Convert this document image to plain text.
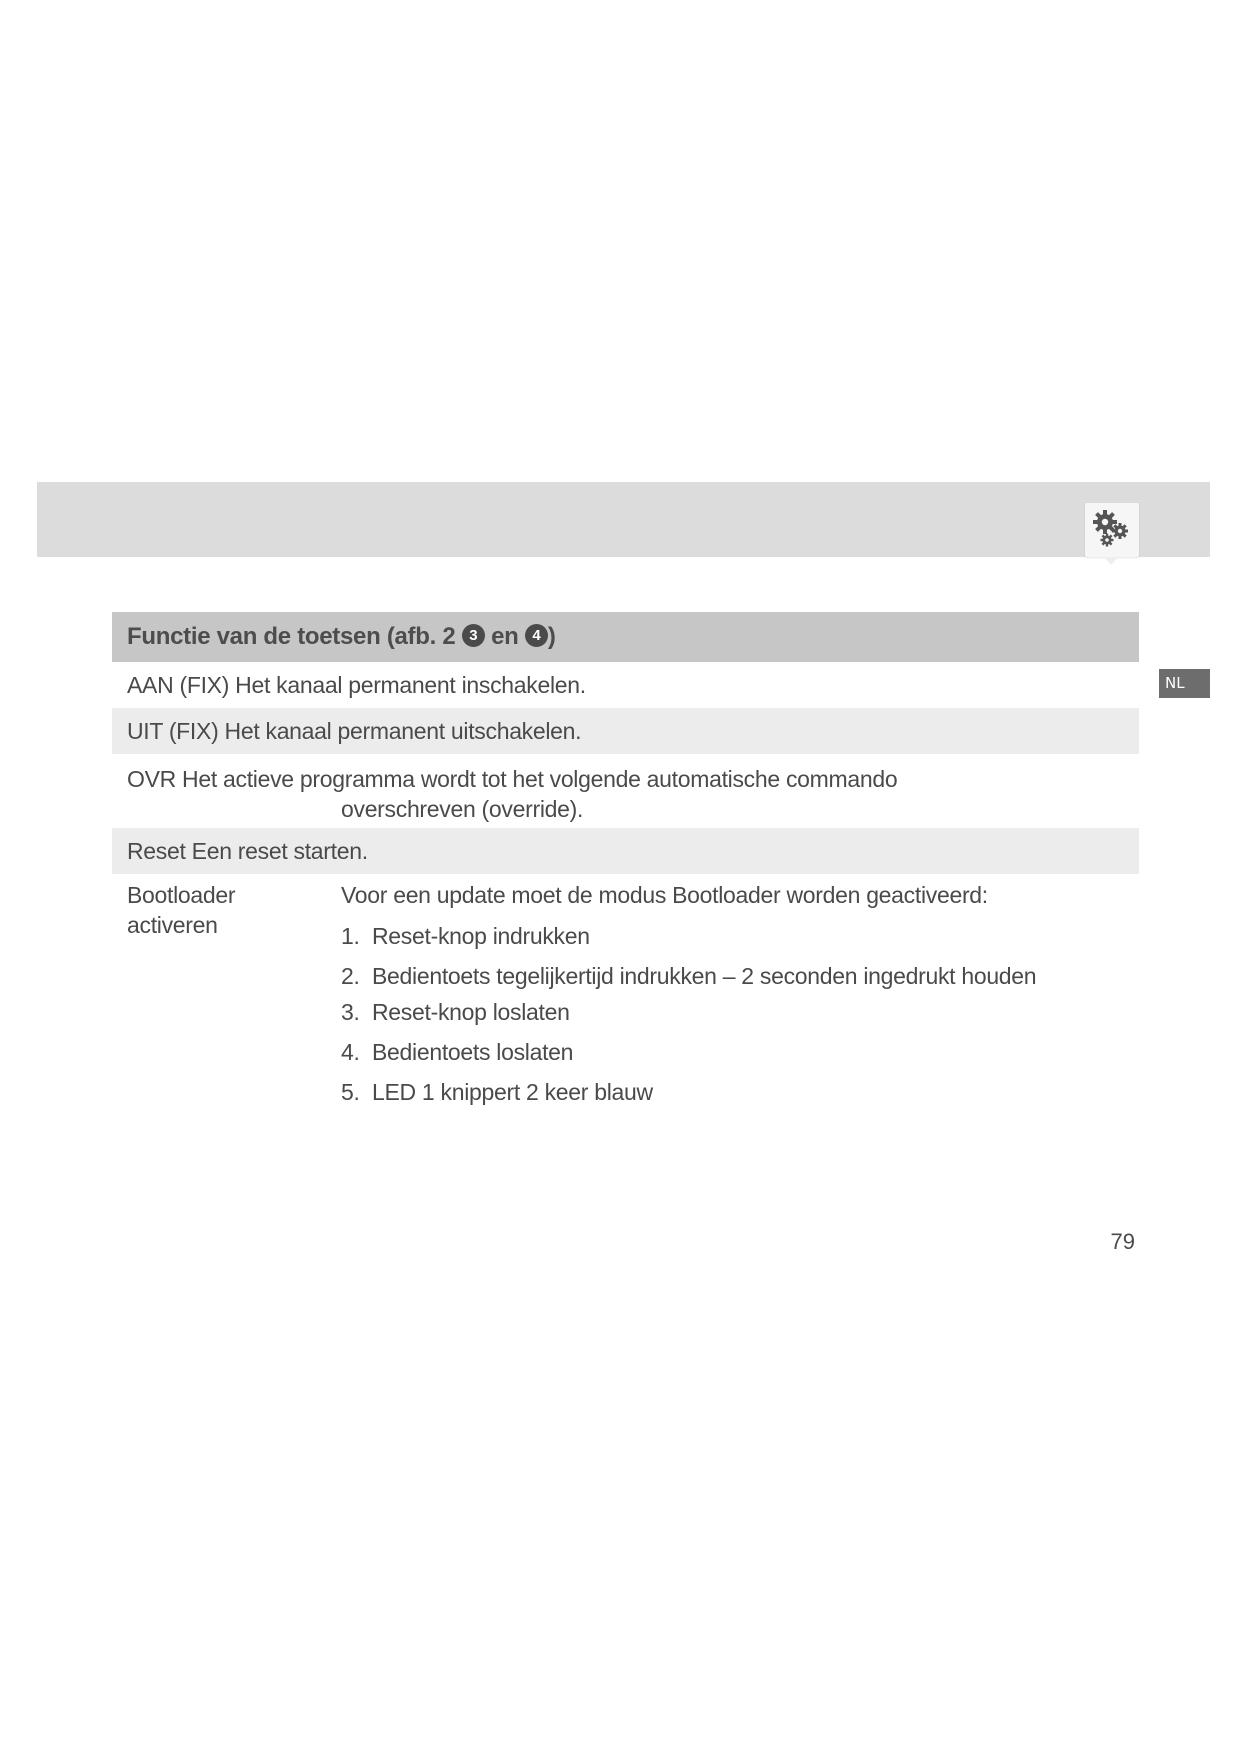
NL
Functie van de toetsen (afb. 2 3 en 4 )
AAN (FIX) Het kanaal permanent inschakelen.
UIT (FIX) Het kanaal permanent uitschakelen.
OVR Het actieve programma wordt tot het volgende automatische commando
overschreven (override).
Reset Een reset starten.
Bootloader
activeren
Voor een update moet de modus Bootloader worden geactiveerd:
1. Reset-knop indrukken
2. Bedientoets tegelijkertijd indrukken – 2 seconden ingedrukt houden
3. Reset-knop loslaten
4. Bedientoets loslaten
5. LED 1 knippert 2 keer blauw
79
